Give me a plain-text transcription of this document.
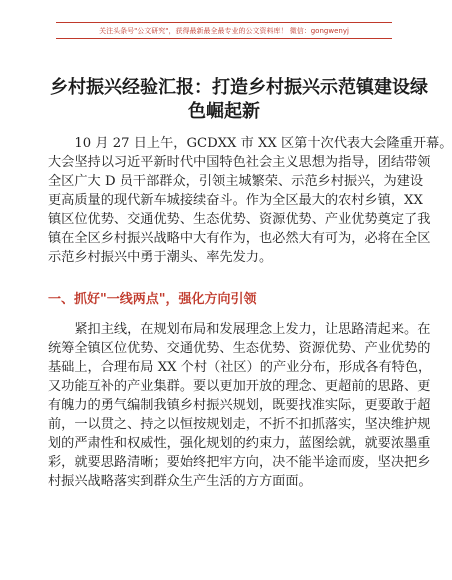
关注头条号"公文研究"，获得最新最全最专业的公文资料库！ 微信：gongwenyj
乡村振兴经验汇报：打造乡村振兴示范镇建设绿
色崛起新
　　10 月 27 日上午，GCDXX 市 XX 区第十次代表大会隆重开幕。
大会坚持以习近平新时代中国特色社会主义思想为指导，团结带领
全区广大 D 员干部群众，引领主城繁荣、示范乡村振兴，为建设
更高质量的现代新车城接续奋斗。作为全区最大的农村乡镇，XX
镇区位优势、交通优势、生态优势、资源优势、产业优势奠定了我
镇在全区乡村振兴战略中大有作为，也必然大有可为，必将在全区
示范乡村振兴中勇于潮头、率先发力。
一、抓好"一线两点"，强化方向引领
　　紧扣主线，在规划布局和发展理念上发力，让思路清起来。在
统筹全镇区位优势、交通优势、生态优势、资源优势、产业优势的
基础上，合理布局 XX 个村（社区）的产业分布，形成各有特色，
又功能互补的产业集群。要以更加开放的理念、更超前的思路、更
有魄力的勇气编制我镇乡村振兴规划，既要找准实际，更要敢于超
前，一以贯之、持之以恒按规划走，不折不扣抓落实，坚决维护规
划的严肃性和权威性，强化规划的约束力，蓝图绘就，就要浓墨重
彩，就要思路清晰；要始终把牢方向，决不能半途而废，坚决把乡
村振兴战略落实到群众生产生活的方方面面。
